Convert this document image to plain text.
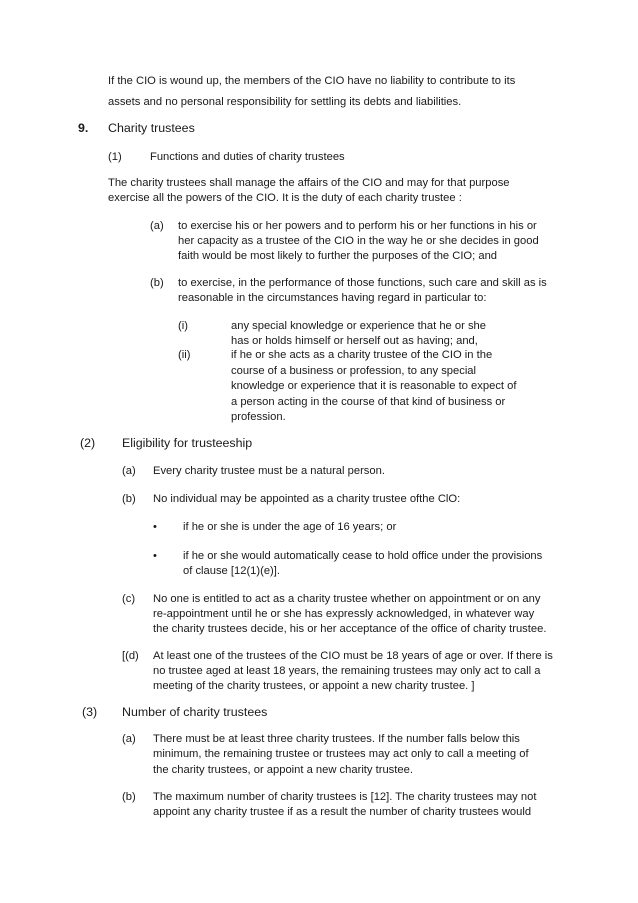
If the CIO is wound up, the members of the CIO have no liability to contribute to its
assets and no personal responsibility for settling its debts and liabilities.
9. Charity trustees
(1)	Functions and duties of charity trustees
The charity trustees shall manage the affairs of the CIO and may for that purpose
exercise all the powers of the CIO. It is the duty of each charity trustee :
(a) to exercise his or her powers and to perform his or her functions in his or
her capacity as a trustee of the CIO in the way he or she decides in good
faith would be most likely to further the purposes of the CIO; and
(b) to exercise, in the performance of those functions, such care and skill as is
reasonable in the circumstances having regard in particular to:
(i)	any special knowledge or experience that he or she
has or holds himself or herself out as having; and,
(ii)	if he or she acts as a charity trustee of the CIO in the
course of a business or profession, to any special
knowledge or experience that it is reasonable to expect of
a person acting in the course of that kind of business or
profession.
(2) Eligibility for trusteeship
(a) Every charity trustee must be a natural person.
(b) No individual may be appointed as a charity trustee ofthe ClO:
• if he or she is under the age of 16 years; or
• if he or she would automatically cease to hold office under the provisions
of clause [12(1)(e)].
(c) No one is entitled to act as a charity trustee whether on appointment or on any
re-appointment until he or she has expressly acknowledged, in whatever way
the charity trustees decide, his or her acceptance of the office of charity trustee.
[(d) At least one of the trustees of the CIO must be 18 years of age or over. If there is
no trustee aged at least 18 years, the remaining trustees may only act to call a
meeting of the charity trustees, or appoint a new charity trustee. ]
(3) Number of charity trustees
(a) There must be at least three charity trustees. If the number falls below this
minimum, the remaining trustee or trustees may act only to call a meeting of
the charity trustees, or appoint a new charity trustee.
(b) The maximum number of charity trustees is [12]. The charity trustees may not
appoint any charity trustee if as a result the number of charity trustees would
